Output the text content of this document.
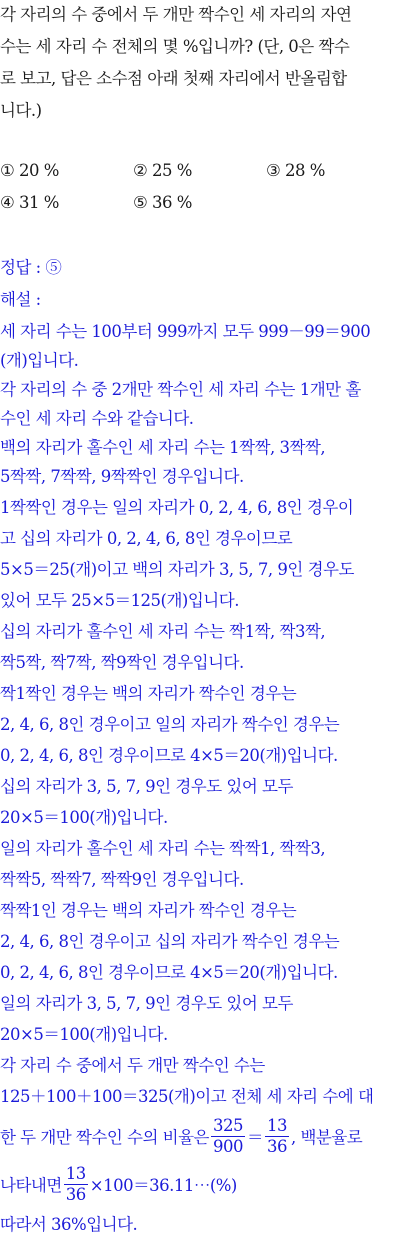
각 자리의 수 중에서 두 개만 짝수인 세 자리의 자연
수는 세 자리 수 전체의 몇 %입니까? (단, 0은 짝수
로 보고, 답은 소수점 아래 첫째 자리에서 반올림합
니다.)
① 20 %	② 25 %	③ 28 %
④ 31 %	⑤ 36 %
정답 : ⑤
해설 :
세 자리 수는 100부터 999까지 모두 999－99＝900
(개)입니다.
각 자리의 수 중 2개만 짝수인 세 자리 수는 1개만 홀
수인 세 자리 수와 같습니다.
백의 자리가 홀수인 세 자리 수는 1짝짝, 3짝짝,
5짝짝, 7짝짝, 9짝짝인 경우입니다.
1짝짝인 경우는 일의 자리가 0, 2, 4, 6, 8인 경우이
고 십의 자리가 0, 2, 4, 6, 8인 경우이므로
5×5＝25(개)이고 백의 자리가 3, 5, 7, 9인 경우도
있어 모두 25×5＝125(개)입니다.
십의 자리가 홀수인 세 자리 수는 짝1짝, 짝3짝,
짝5짝, 짝7짝, 짝9짝인 경우입니다.
짝1짝인 경우는 백의 자리가 짝수인 경우는
2, 4, 6, 8인 경우이고 일의 자리가 짝수인 경우는
0, 2, 4, 6, 8인 경우이므로 4×5＝20(개)입니다.
십의 자리가 3, 5, 7, 9인 경우도 있어 모두
20×5＝100(개)입니다.
일의 자리가 홀수인 세 자리 수는 짝짝1, 짝짝3,
짝짝5, 짝짝7, 짝짝9인 경우입니다.
짝짝1인 경우는 백의 자리가 짝수인 경우는
2, 4, 6, 8인 경우이고 십의 자리가 짝수인 경우는
0, 2, 4, 6, 8인 경우이므로 4×5＝20(개)입니다.
일의 자리가 3, 5, 7, 9인 경우도 있어 모두
20×5＝100(개)입니다.
각 자리 수 중에서 두 개만 짝수인 수는
125＋100＋100＝325(개)이고 전체 세 자리 수에 대
한 두 개만 짝수인 수의 비율은 $\frac{325}{900} = \frac{13}{36}$ , 백분율로
나타내면 $\frac{13}{36}$ ×100＝36.11⋯(%)
따라서 36%입니다.
